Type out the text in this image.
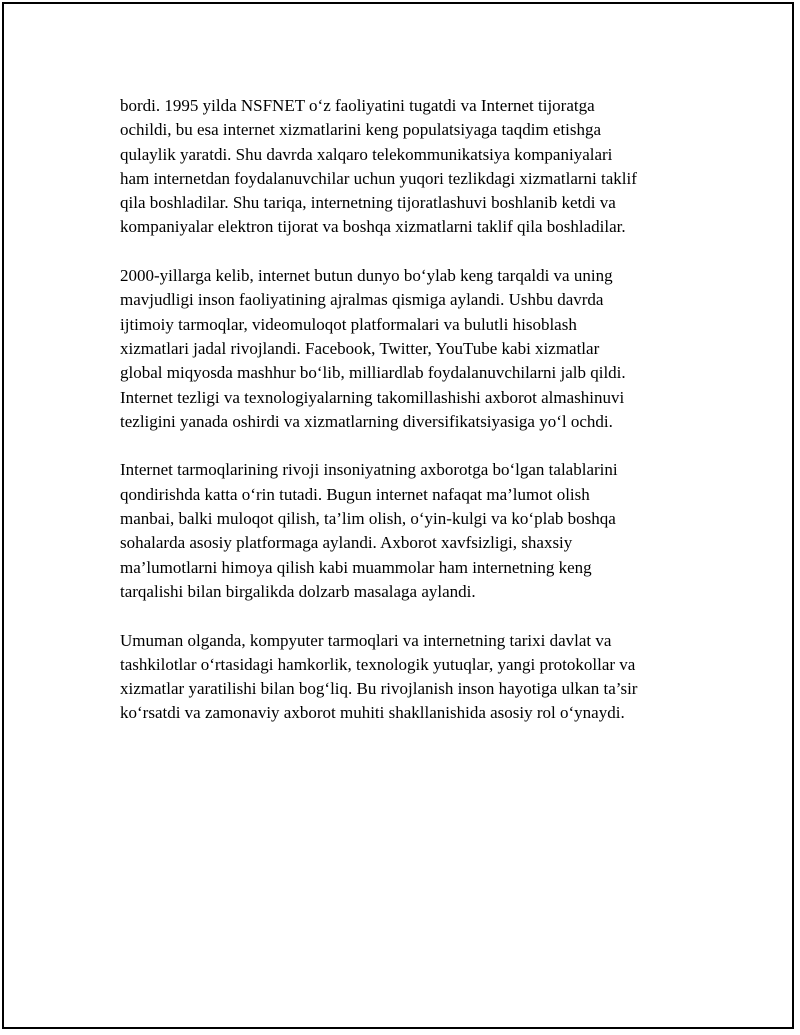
bordi. 1995 yilda NSFNET o‘z faoliyatini tugatdi va Internet tijoratga
ochildi, bu esa internet xizmatlarini keng populatsiyaga taqdim etishga
qulaylik yaratdi. Shu davrda xalqaro telekommunikatsiya kompaniyalari
ham internetdan foydalanuvchilar uchun yuqori tezlikdagi xizmatlarni taklif
qila boshladilar. Shu tariqa, internetning tijoratlashuvi boshlanib ketdi va
kompaniyalar elektron tijorat va boshqa xizmatlarni taklif qila boshladilar.

2000-yillarga kelib, internet butun dunyo bo‘ylab keng tarqaldi va uning
mavjudligi inson faoliyatining ajralmas qismiga aylandi. Ushbu davrda
ijtimoiy tarmoqlar, videomuloqot platformalari va bulutli hisoblash
xizmatlari jadal rivojlandi. Facebook, Twitter, YouTube kabi xizmatlar
global miqyosda mashhur bo‘lib, milliardlab foydalanuvchilarni jalb qildi.
Internet tezligi va texnologiyalarning takomillashishi axborot almashinuvi
tezligini yanada oshirdi va xizmatlarning diversifikatsiyasiga yo‘l ochdi.

Internet tarmoqlarining rivoji insoniyatning axborotga bo‘lgan talablarini
qondirishda katta o‘rin tutadi. Bugun internet nafaqat ma’lumot olish
manbai, balki muloqot qilish, ta’lim olish, o‘yin-kulgi va ko‘plab boshqa
sohalarda asosiy platformaga aylandi. Axborot xavfsizligi, shaxsiy
ma’lumotlarni himoya qilish kabi muammolar ham internetning keng
tarqalishi bilan birgalikda dolzarb masalaga aylandi.

Umuman olganda, kompyuter tarmoqlari va internetning tarixi davlat va
tashkilotlar o‘rtasidagi hamkorlik, texnologik yutuqlar, yangi protokollar va
xizmatlar yaratilishi bilan bog‘liq. Bu rivojlanish inson hayotiga ulkan ta’sir
ko‘rsatdi va zamonaviy axborot muhiti shakllanishida asosiy rol o‘ynaydi.
